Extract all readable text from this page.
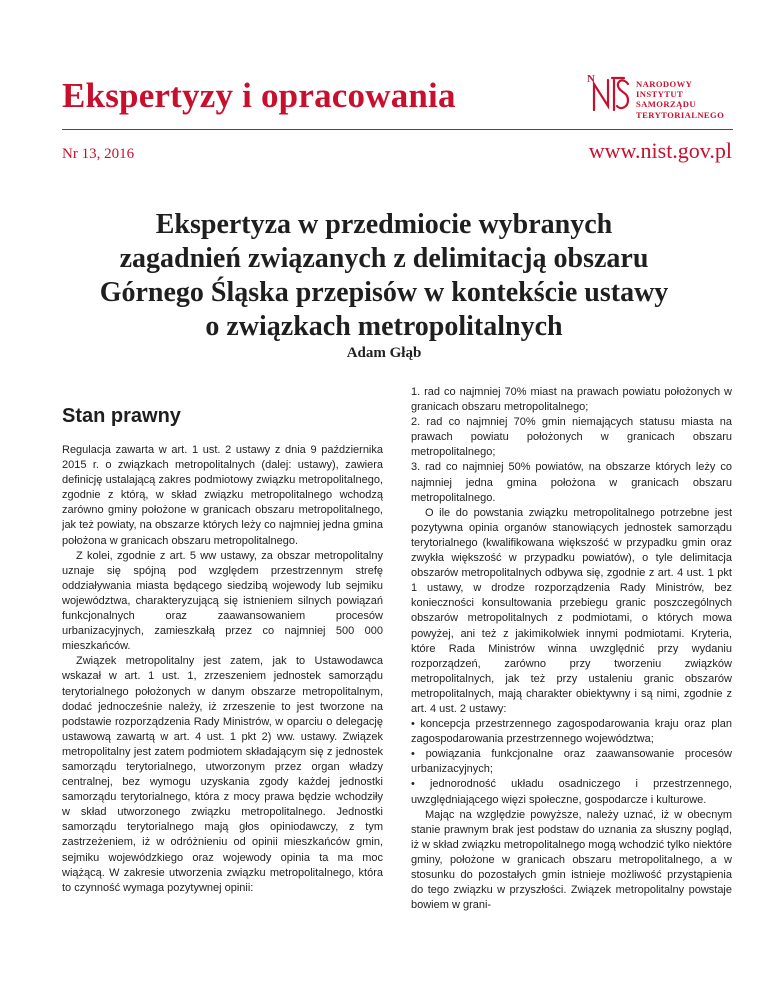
Ekspertyzy i opracowania	N	NARODOWY
INSTYTUT
SAMORZĄDU
TERYTORIALNEGO
Nr 13, 2016	www.nist.gov.pl
Ekspertyza w przedmiocie wybranych
zagadnień związanych z delimitacją obszaru
Górnego Śląska przepisów w kontekście ustawy
o związkach metropolitalnych
Adam Głąb
Stan prawny

Regulacja zawarta w art. 1 ust. 2 ustawy z dnia 9 października 2015 r. o związkach metropolitalnych (dalej: ustawy), zawiera definicję ustalającą zakres podmiotowy związku metropolitalnego, zgodnie z którą, w skład związku metropolitalnego wchodzą zarówno gminy położone w granicach obszaru metropolitalnego, jak też powiaty, na obszarze których leży co najmniej jedna gmina położona w granicach obszaru metropolitalnego.

Z kolei, zgodnie z art. 5 ww ustawy, za obszar metropolitalny uznaje się spójną pod względem przestrzennym strefę oddziaływania miasta będącego siedzibą wojewody lub sejmiku województwa, charakteryzującą się istnieniem silnych powiązań funkcjonalnych oraz zaawansowaniem procesów urbanizacyjnych, zamieszkałą przez co najmniej 500 000 mieszkańców.

Związek metropolitalny jest zatem, jak to Ustawodawca wskazał w art. 1 ust. 1, zrzeszeniem jednostek samorządu terytorialnego położonych w danym obszarze metropolitalnym, dodać jednocześnie należy, iż zrzeszenie to jest tworzone na podstawie rozporządzenia Rady Ministrów, w oparciu o delegację ustawową zawartą w art. 4 ust. 1 pkt 2) ww. ustawy. Związek metropolitalny jest zatem podmiotem składającym się z jednostek samorządu terytorialnego, utworzonym przez organ władzy centralnej, bez wymogu uzyskania zgody każdej jednostki samorządu terytorialnego, która z mocy prawa będzie wchodziły w skład utworzonego związku metropolitalnego. Jednostki samorządu terytorialnego mają głos opiniodawczy, z tym zastrzeżeniem, iż w odróżnieniu od opinii mieszkańców gmin, sejmiku wojewódzkiego oraz wojewody opinia ta ma moc wiążącą. W zakresie utworzenia związku metropolitalnego, która to czynność wymaga pozytywnej opinii:

1. rad co najmniej 70% miast na prawach powiatu położonych w granicach obszaru metropolitalnego;

2. rad co najmniej 70% gmin niemających statusu miasta na prawach powiatu położonych w granicach obszaru metropolitalnego;

3. rad co najmniej 50% powiatów, na obszarze których leży co najmniej jedna gmina położona w granicach obszaru metropolitalnego.

O ile do powstania związku metropolitalnego potrzebne jest pozytywna opinia organów stanowiących jednostek samorządu terytorialnego (kwalifikowana większość w przypadku gmin oraz zwykła większość w przypadku powiatów), o tyle delimitacja obszarów metropolitalnych odbywa się, zgodnie z art. 4 ust. 1 pkt 1 ustawy, w drodze rozporządzenia Rady Ministrów, bez konieczności konsultowania przebiegu granic poszczególnych obszarów metropolitalnych z podmiotami, o których mowa powyżej, ani też z jakimikolwiek innymi podmiotami. Kryteria, które Rada Ministrów winna uwzględnić przy wydaniu rozporządzeń, zarówno przy tworzeniu związków metropolitalnych, jak też przy ustaleniu granic obszarów metropolitalnych, mają charakter obiektywny i są nimi, zgodnie z art. 4 ust. 2 ustawy:

• koncepcja przestrzennego zagospodarowania kraju oraz plan zagospodarowania przestrzennego województwa;

• powiązania funkcjonalne oraz zaawansowanie procesów urbanizacyjnych;

• jednorodność układu osadniczego i przestrzennego, uwzględniającego więzi społeczne, gospodarcze i kulturowe.

Mając na względzie powyższe, należy uznać, iż w obecnym stanie prawnym brak jest podstaw do uznania za słuszny pogląd, iż w skład związku metropolitalnego mogą wchodzić tylko niektóre gminy, położone w granicach obszaru metropolitalnego, a w stosunku do pozostałych gmin istnieje możliwość przystąpienia do tego związku w przyszłości. Związek metropolitalny powstaje bowiem w grani-
